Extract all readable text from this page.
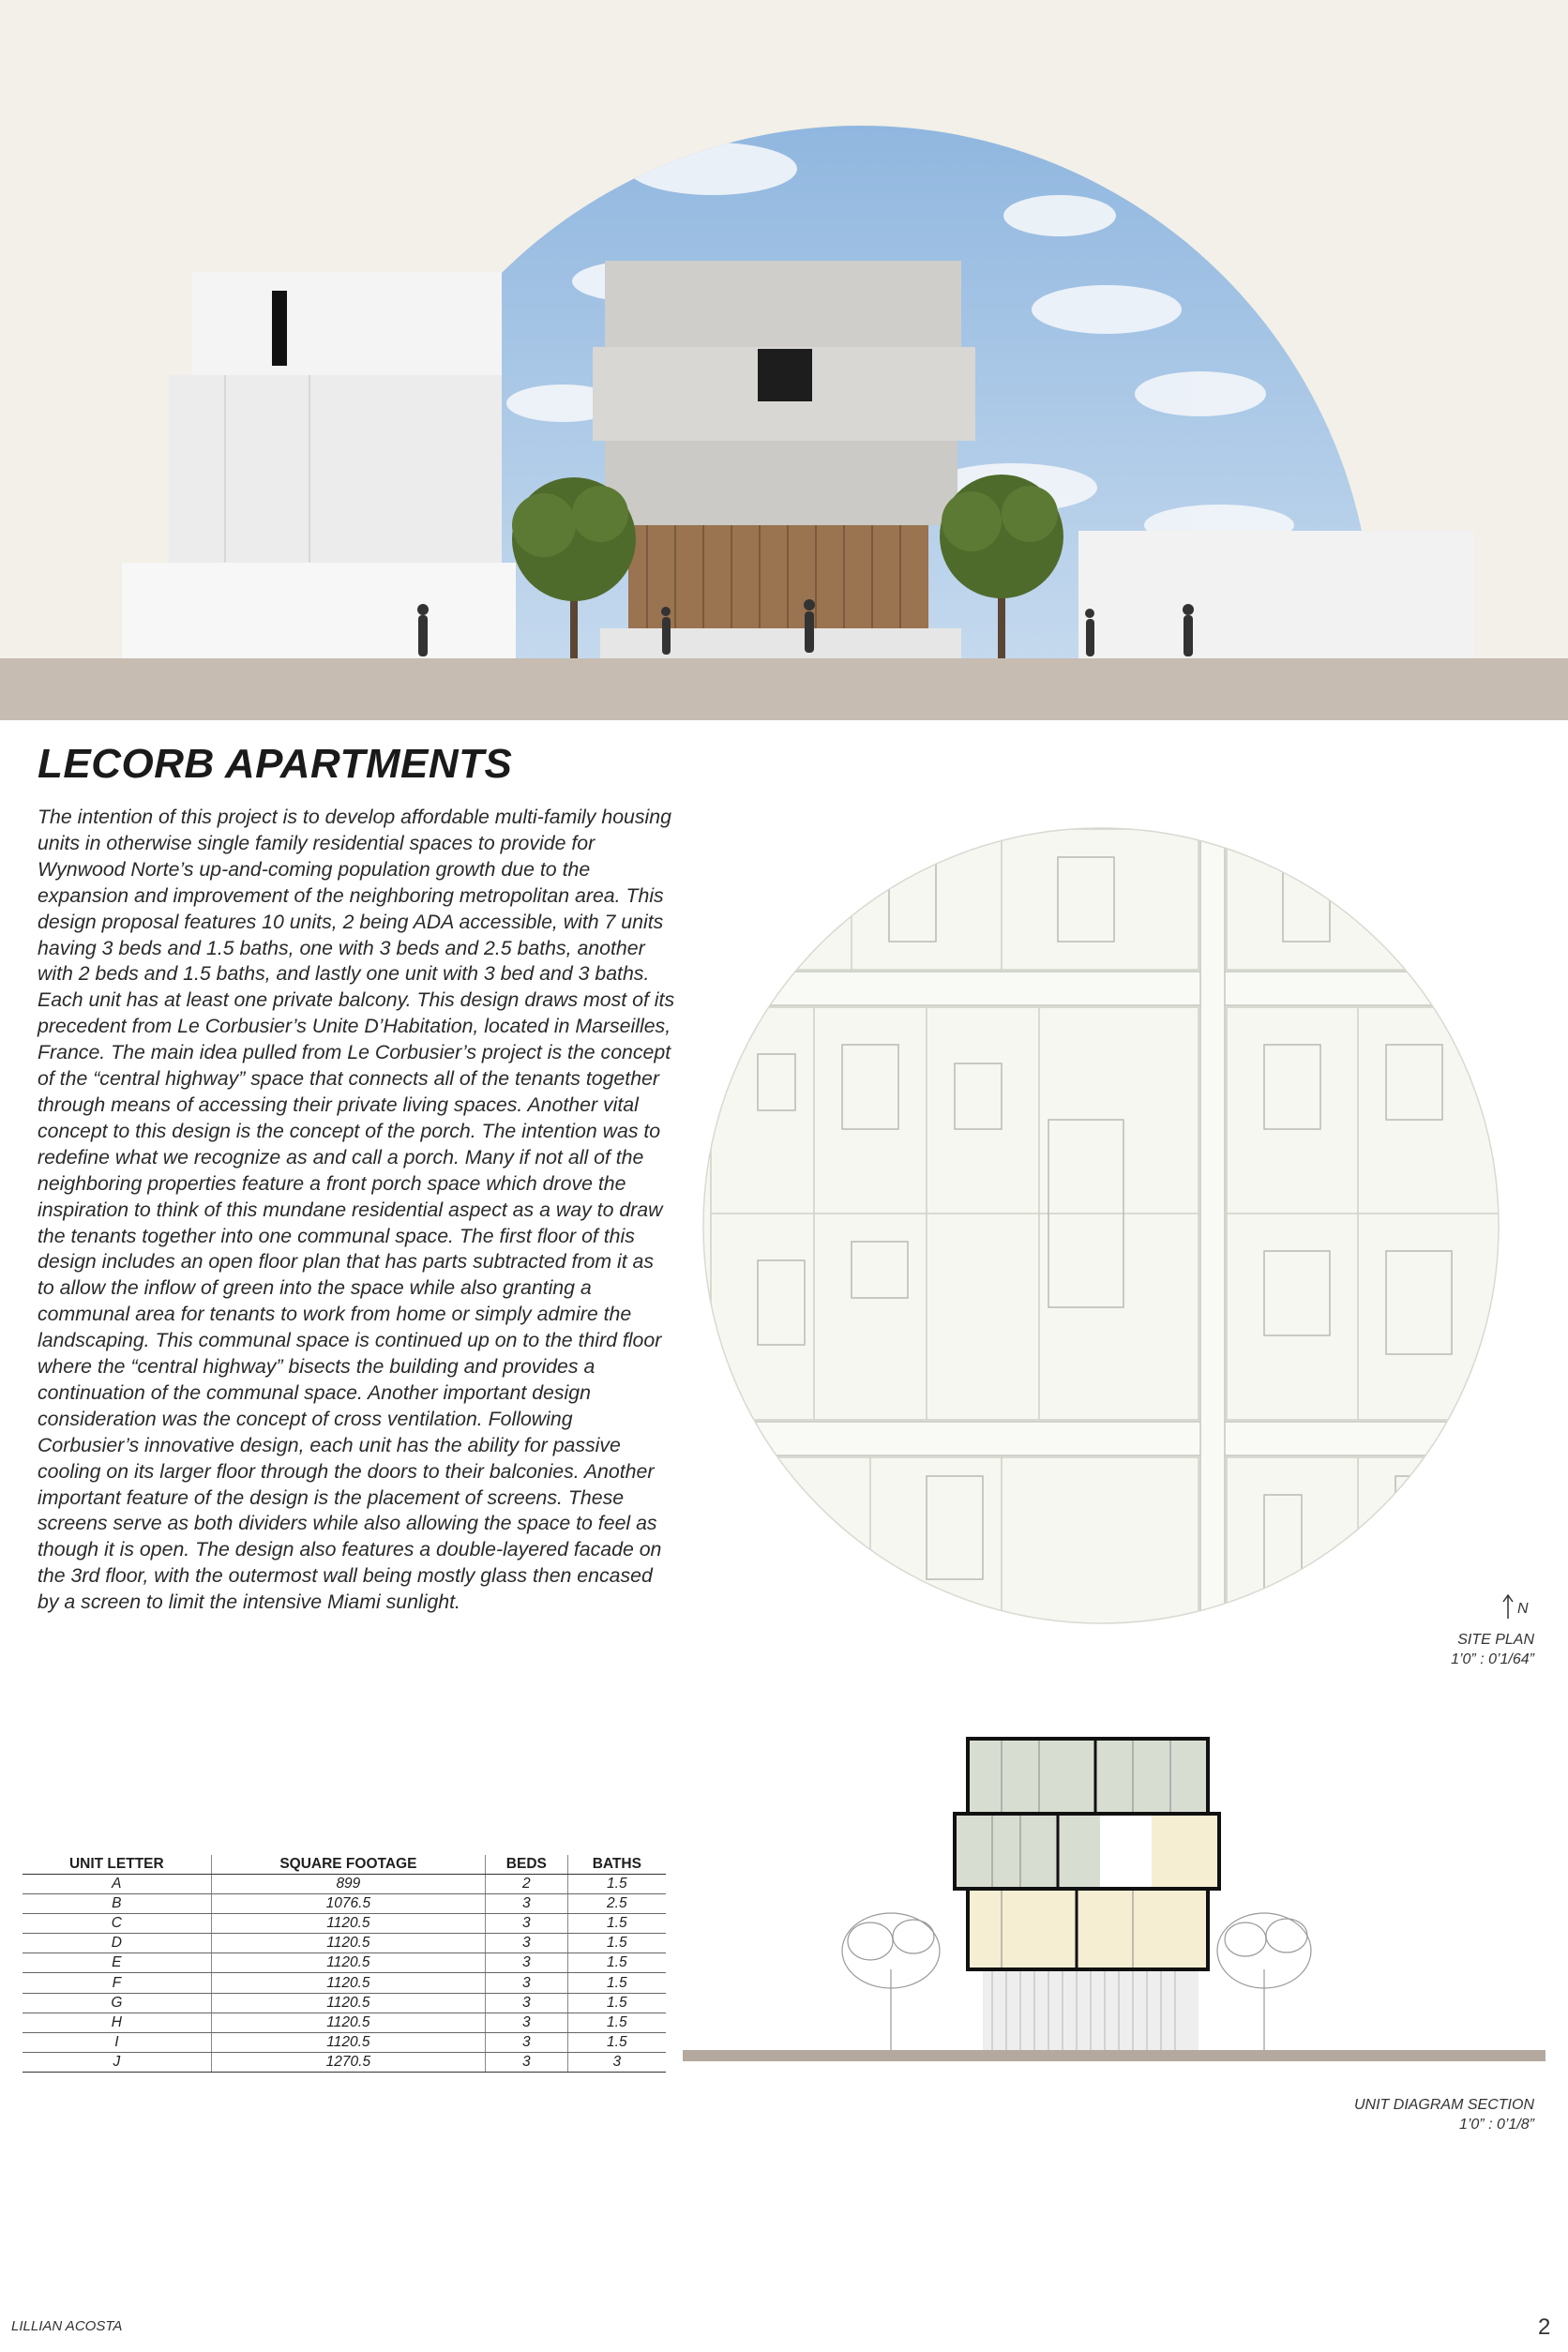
LECORB APARTMENTS

The intention of this project is to develop affordable multi-family housing units in otherwise single family residential spaces to provide for Wynwood Norte’s up-and-coming population growth due to the expansion and improvement of the neighboring metropolitan area. This design proposal features 10 units, 2 being ADA accessible, with 7 units having 3 beds and 1.5 baths, one with 3 beds and 2.5 baths, another with 2 beds and 1.5 baths, and lastly one unit with 3 bed and 3 baths. Each unit has at least one private balcony. This design draws most of its precedent from Le Corbusier’s Unite D’Habitation, located in Marseilles, France. The main idea pulled from Le Corbusier’s project is the concept of the “central highway” space that connects all of the tenants together through means of accessing their private living spaces. Another vital concept to this design is the concept of the porch. The intention was to redefine what we recognize as and call a porch. Many if not all of the neighboring properties feature a front porch space which drove the inspiration to think of this mundane residential aspect as a way to draw the tenants together into one communal space. The first floor of this design includes an open floor plan that has parts subtracted from it as to allow the inflow of green into the space while also granting a communal area for tenants to work from home or simply admire the landscaping. This communal space is continued up on to the third floor where the “central highway” bisects the building and provides a continuation of the communal space. Another important design consideration was the concept of cross ventilation. Following Corbusier’s innovative design, each unit has the ability for passive cooling on its larger floor through the doors to their balconies. Another important feature of the design is the placement of screens. These screens serve as both dividers while also allowing the space to feel as though it is open. The design also features a double-layered facade on the 3rd floor, with the outermost wall being mostly glass then encased by a screen to limit the intensive Miami sunlight.

UNIT LETTER	SQUARE FOOTAGE	BEDS	BATHS
A	899	2	1.5
B	1076.5	3	2.5
C	1120.5	3	1.5
D	1120.5	3	1.5
E	1120.5	3	1.5
F	1120.5	3	1.5
G	1120.5	3	1.5
H	1120.5	3	1.5
I	1120.5	3	1.5
J	1270.5	3	3
N
SITE PLAN
1’0” : 0’1/64”
UNIT DIAGRAM SECTION
1’0” : 0’1/8”
LILLIAN ACOSTA	2
